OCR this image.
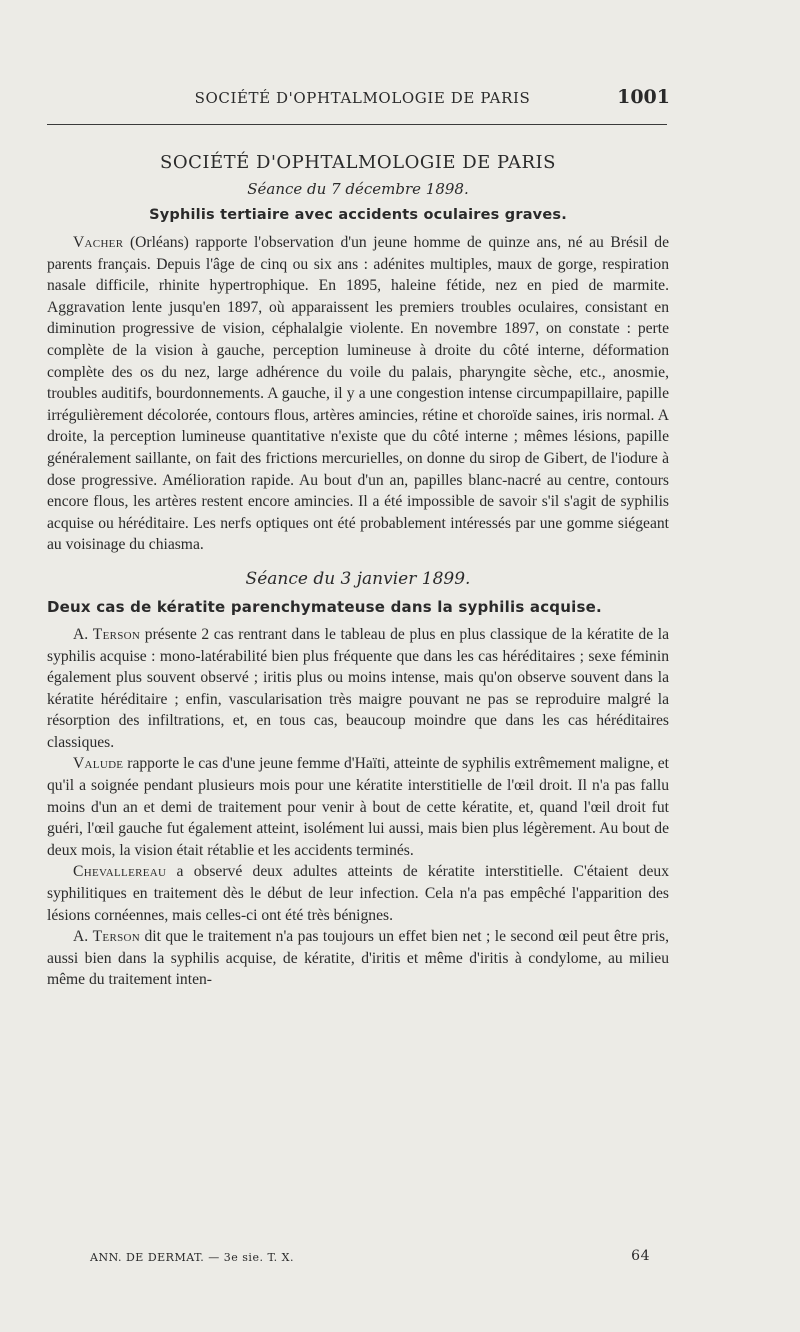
SOCIÉTÉ D'OPHTALMOLOGIE DE PARIS	1001
SOCIÉTÉ D'OPHTALMOLOGIE DE PARIS
Séance du 7 décembre 1898.
Syphilis tertiaire avec accidents oculaires graves.

Vacher (Orléans) rapporte l'observation d'un jeune homme de quinze ans, né au Brésil de parents français. Depuis l'âge de cinq ou six ans : adénites multiples, maux de gorge, respiration nasale difficile, rhinite hypertrophique. En 1895, haleine fétide, nez en pied de marmite. Aggravation lente jusqu'en 1897, où apparaissent les premiers troubles oculaires, consistant en diminution progressive de vision, céphalalgie violente. En novembre 1897, on constate : perte complète de la vision à gauche, perception lumineuse à droite du côté interne, déformation complète des os du nez, large adhérence du voile du palais, pharyngite sèche, etc., anosmie, troubles auditifs, bourdonnements. A gauche, il y a une congestion intense circumpapillaire, papille irrégulièrement décolorée, contours flous, artères amincies, rétine et choroïde saines, iris normal. A droite, la perception lumineuse quantitative n'existe que du côté interne ; mêmes lésions, papille généralement saillante, on fait des frictions mercurielles, on donne du sirop de Gibert, de l'iodure à dose progressive. Amélioration rapide. Au bout d'un an, papilles blanc-nacré au centre, contours encore flous, les artères restent encore amincies. Il a été impossible de savoir s'il s'agit de syphilis acquise ou héréditaire. Les nerfs optiques ont été probablement intéressés par une gomme siégeant au voisinage du chiasma.

Séance du 3 janvier 1899.
Deux cas de kératite parenchymateuse dans la syphilis acquise.

A. Terson présente 2 cas rentrant dans le tableau de plus en plus classique de la kératite de la syphilis acquise : mono-latérabilité bien plus fréquente que dans les cas héréditaires ; sexe féminin également plus souvent observé ; iritis plus ou moins intense, mais qu'on observe souvent dans la kératite héréditaire ; enfin, vascularisation très maigre pouvant ne pas se reproduire malgré la résorption des infiltrations, et, en tous cas, beaucoup moindre que dans les cas héréditaires classiques.

Valude rapporte le cas d'une jeune femme d'Haïti, atteinte de syphilis extrêmement maligne, et qu'il a soignée pendant plusieurs mois pour une kératite interstitielle de l'œil droit. Il n'a pas fallu moins d'un an et demi de traitement pour venir à bout de cette kératite, et, quand l'œil droit fut guéri, l'œil gauche fut également atteint, isolément lui aussi, mais bien plus légèrement. Au bout de deux mois, la vision était rétablie et les accidents terminés.

Chevallereau a observé deux adultes atteints de kératite interstitielle. C'étaient deux syphilitiques en traitement dès le début de leur infection. Cela n'a pas empêché l'apparition des lésions cornéennes, mais celles-ci ont été très bénignes.

A. Terson dit que le traitement n'a pas toujours un effet bien net ; le second œil peut être pris, aussi bien dans la syphilis acquise, de kératite, d'iritis et même d'iritis à condylome, au milieu même du traitement inten-

ANN. DE DERMAT. — 3e sie. T. X.	64
